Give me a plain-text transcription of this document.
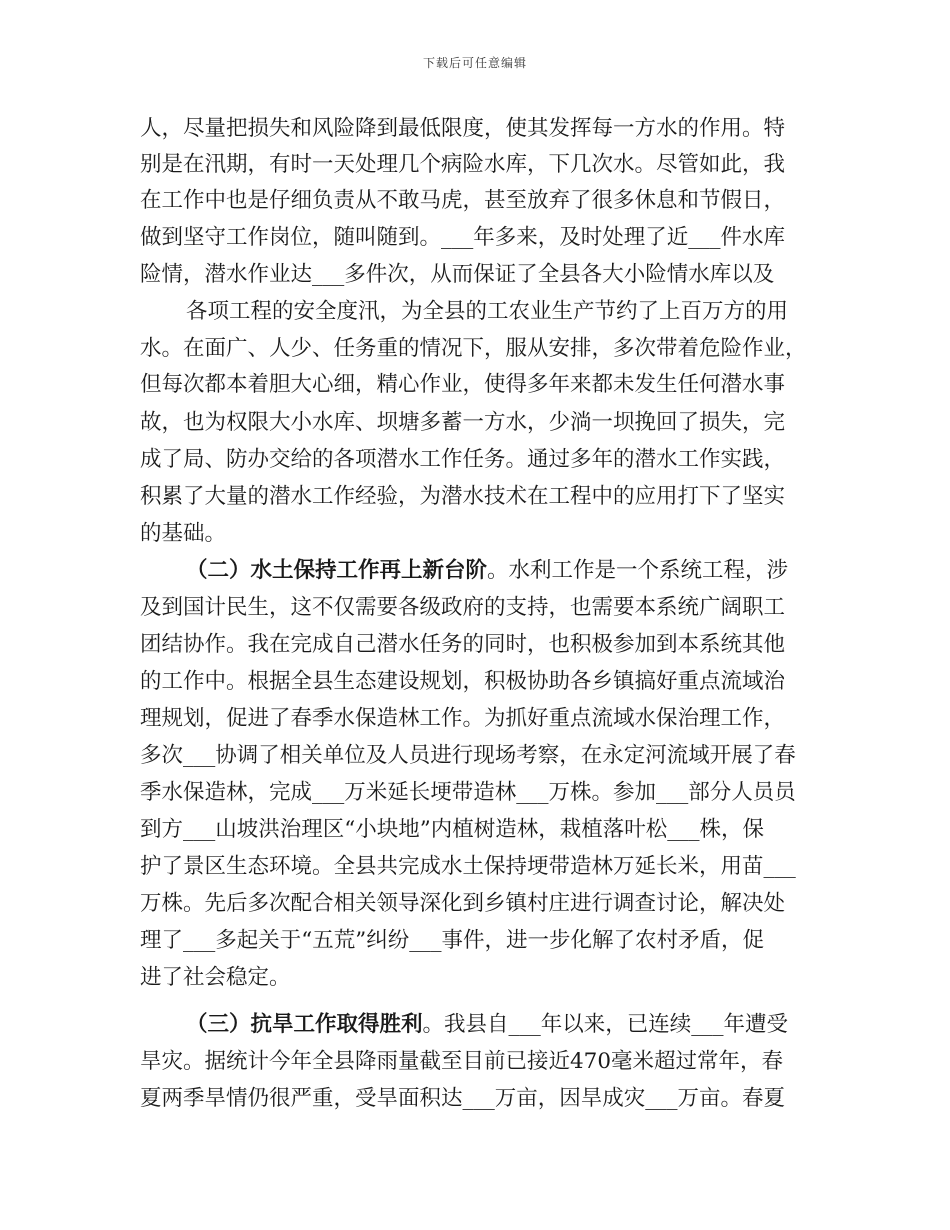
下载后可任意编辑
人，尽量把损失和风险降到最低限度，使其发挥每一方水的作用。特
别是在汛期，有时一天处理几个病险水库，下几次水。尽管如此，我
在工作中也是仔细负责从不敢马虎，甚至放弃了很多休息和节假日，
做到坚守工作岗位，随叫随到。___年多来，及时处理了近___件水库
险情，潜水作业达___多件次，从而保证了全县各大小险情水库以及
各项工程的安全度汛，为全县的工农业生产节约了上百万方的用
水。在面广、人少、任务重的情况下，服从安排，多次带着危险作业，
但每次都本着胆大心细，精心作业，使得多年来都未发生任何潜水事
故，也为权限大小水库、坝塘多蓄一方水，少淌一坝挽回了损失，完
成了局、防办交给的各项潜水工作任务。通过多年的潜水工作实践，
积累了大量的潜水工作经验，为潜水技术在工程中的应用打下了坚实
的基础。
（二）水土保持工作再上新台阶。水利工作是一个系统工程，涉
及到国计民生，这不仅需要各级政府的支持，也需要本系统广阔职工
团结协作。我在完成自己潜水任务的同时，也积极参加到本系统其他
的工作中。根据全县生态建设规划，积极协助各乡镇搞好重点流域治
理规划，促进了春季水保造林工作。为抓好重点流域水保治理工作，
多次___协调了相关单位及人员进行现场考察，在永定河流域开展了春
季水保造林，完成___万米延长埂带造林___万株。参加___部分人员员
到方___山坡洪治理区“小块地”内植树造林，栽植落叶松___株，保
护了景区生态环境。全县共完成水土保持埂带造林万延长米，用苗___
万株。先后多次配合相关领导深化到乡镇村庄进行调查讨论，解决处
理了___多起关于“五荒”纠纷___事件，进一步化解了农村矛盾，促
进了社会稳定。
（三）抗旱工作取得胜利。我县自___年以来，已连续___年遭受
旱灾。据统计今年全县降雨量截至目前已接近470毫米超过常年，春
夏两季旱情仍很严重，受旱面积达___万亩，因旱成灾___万亩。春夏
